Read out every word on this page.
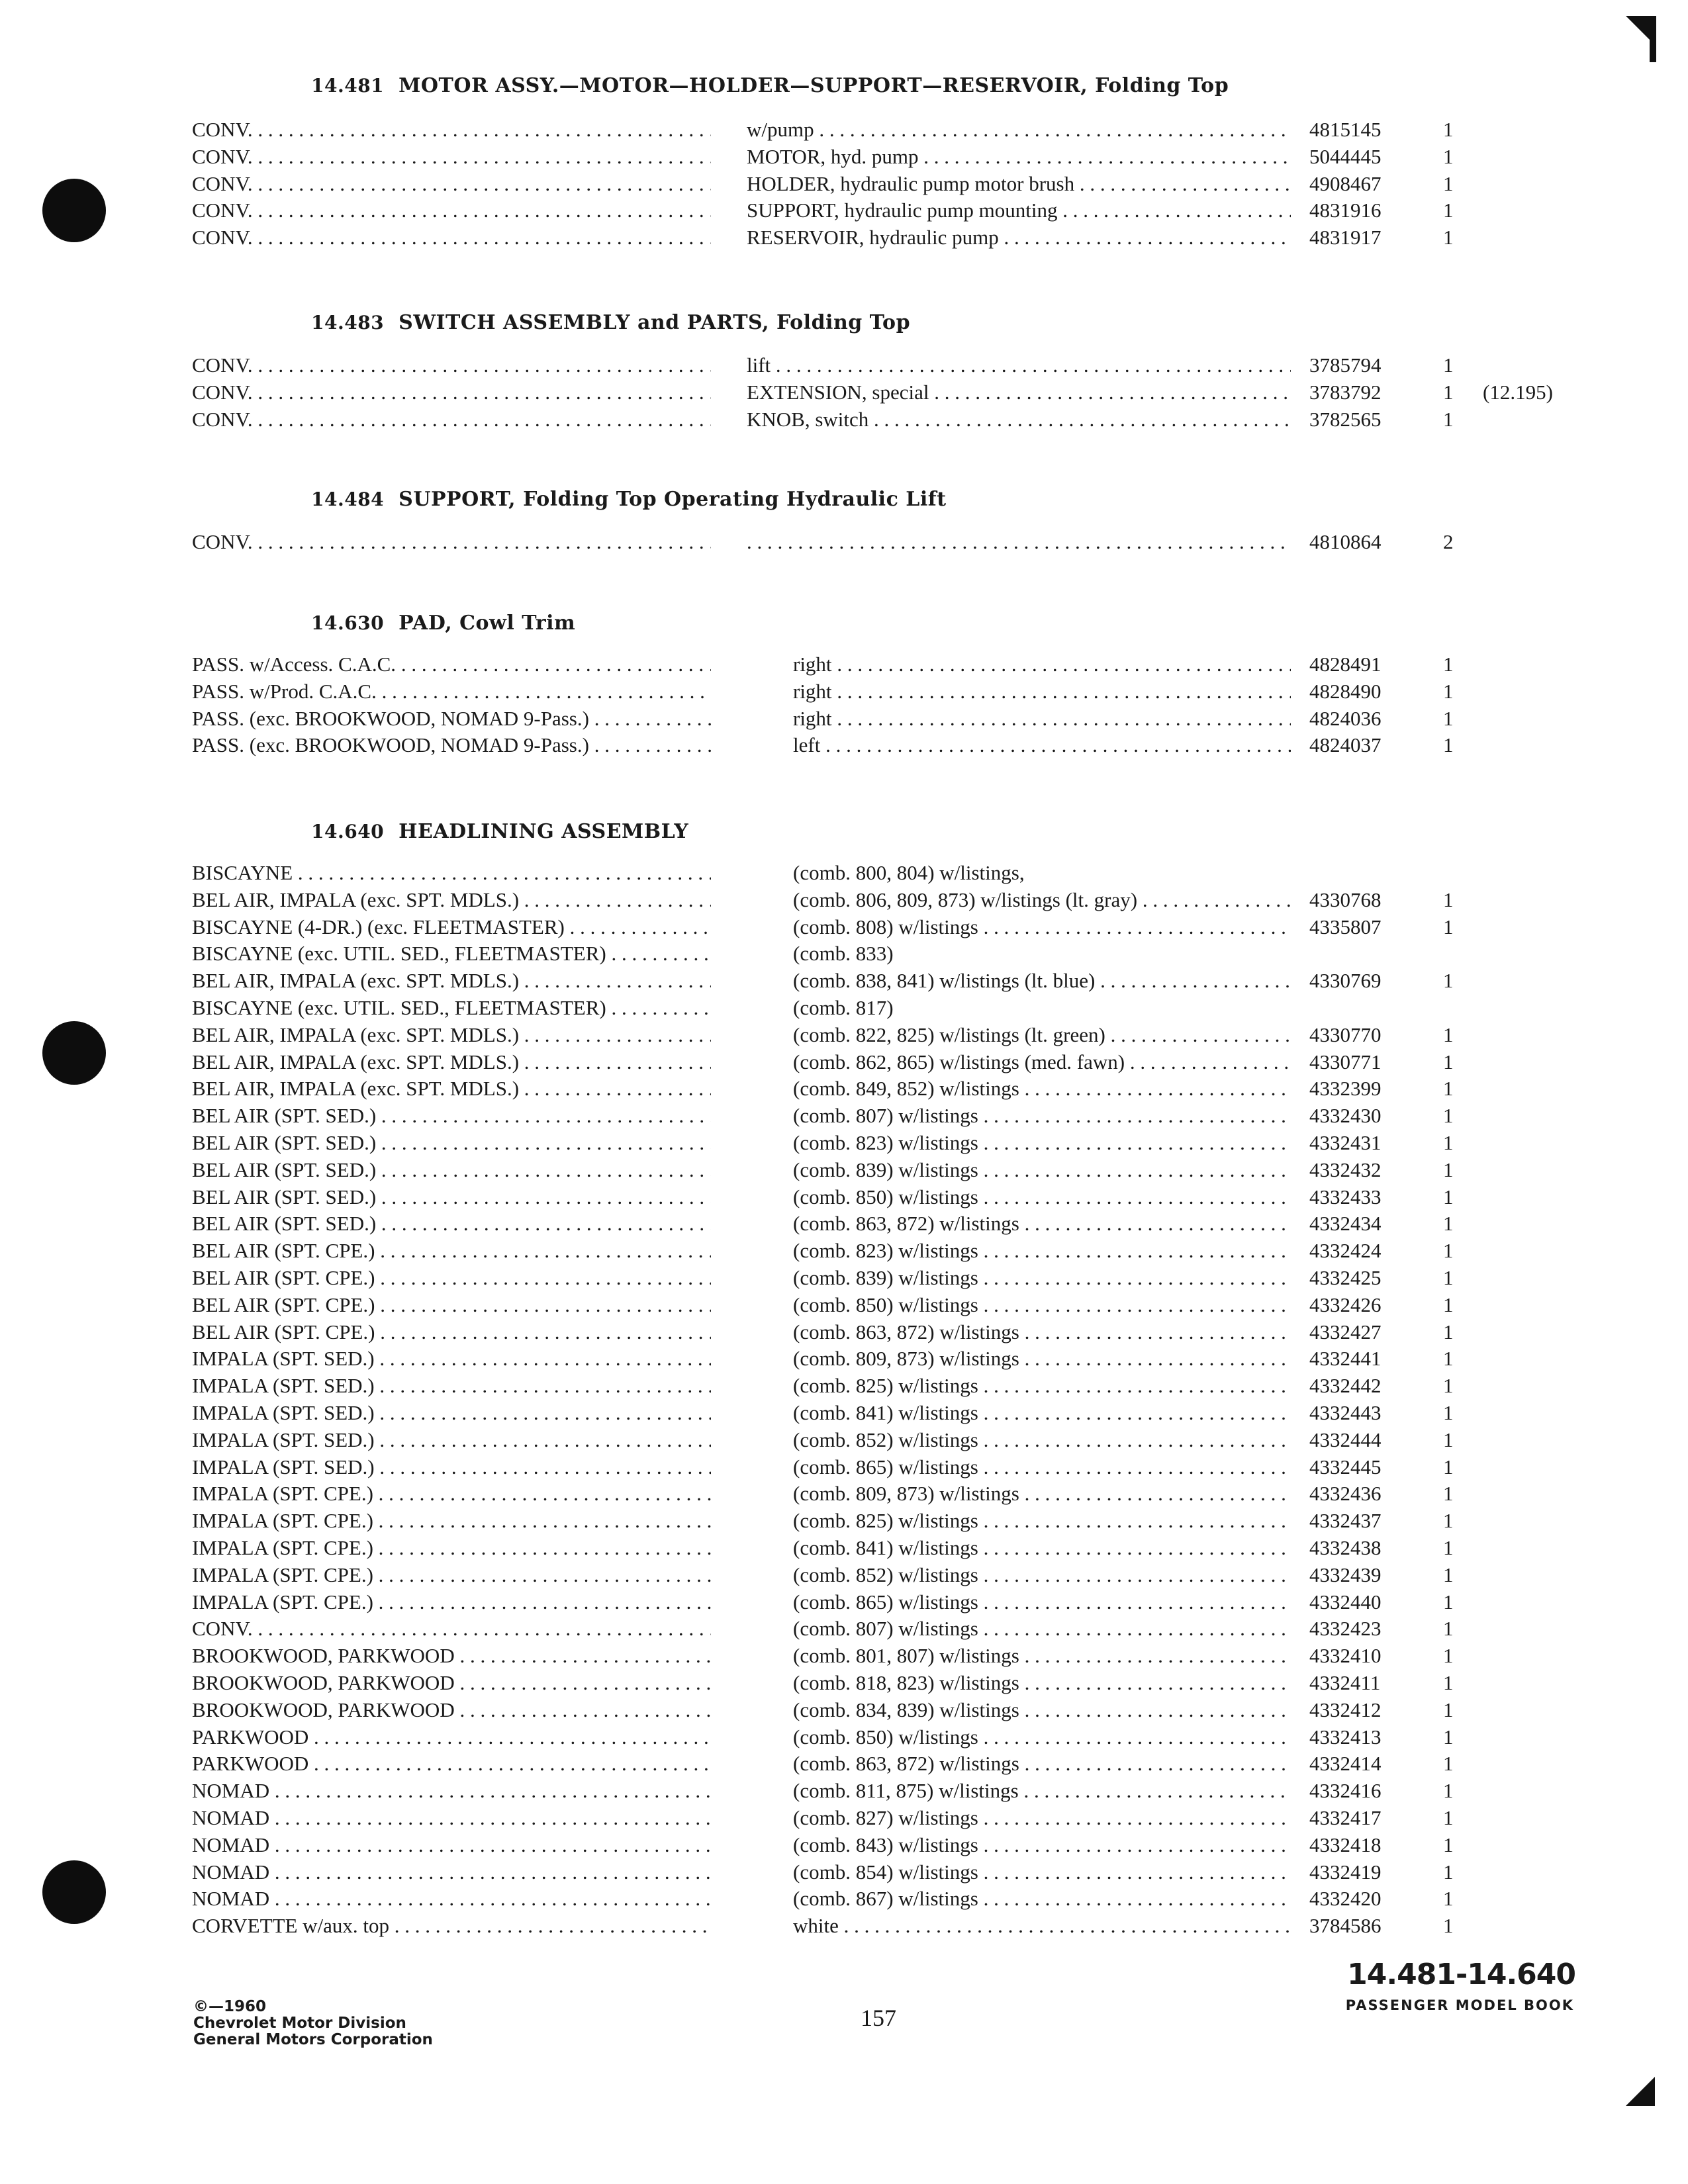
14.481 MOTOR ASSY.—MOTOR—HOLDER—SUPPORT—RESERVOIR, Folding Top
CONV. . . .	w/pump . . .	4815145	1
CONV. . . .	MOTOR, hyd. pump . . .	5044445	1
CONV. . . .	HOLDER, hydraulic pump motor brush . . .	4908467	1
CONV. . . .	SUPPORT, hydraulic pump mounting . . .	4831916	1
CONV. . . .	RESERVOIR, hydraulic pump . . .	4831917	1
14.483 SWITCH ASSEMBLY and PARTS, Folding Top
CONV. . . .	lift . . .	3785794	1
CONV. . . .	EXTENSION, special . . .	3783792	1	(12.195)
CONV. . . .	KNOB, switch . . .	3782565	1
14.484 SUPPORT, Folding Top Operating Hydraulic Lift
CONV. . . .
. . .	4810864	2
14.630 PAD, Cowl Trim
PASS. w/Access. C.A.C. . . .	right . . .	4828491	1
PASS. w/Prod. C.A.C. . . .	right . . .	4828490	1
PASS. (exc. BROOKWOOD, NOMAD 9-Pass.) . . .	right . . .	4824036	1
PASS. (exc. BROOKWOOD, NOMAD 9-Pass.) . . .	left . . .	4824037	1
14.640 HEADLINING ASSEMBLY
BISCAYNE . . .	(comb. 800, 804) w/listings,
BEL AIR, IMPALA (exc. SPT. MDLS.) . . .	(comb. 806, 809, 873) w/listings (lt. gray) . . .	4330768	1
BISCAYNE (4-DR.) (exc. FLEETMASTER) . . .	(comb. 808) w/listings . . .	4335807	1
BISCAYNE (exc. UTIL. SED., FLEETMASTER) . . .	(comb. 833)
BEL AIR, IMPALA (exc. SPT. MDLS.) . . .	(comb. 838, 841) w/listings (lt. blue) . . .	4330769	1
BISCAYNE (exc. UTIL. SED., FLEETMASTER) . . .	(comb. 817)
BEL AIR, IMPALA (exc. SPT. MDLS.) . . .	(comb. 822, 825) w/listings (lt. green) . . .	4330770	1
BEL AIR, IMPALA (exc. SPT. MDLS.) . . .	(comb. 862, 865) w/listings (med. fawn) . . .	4330771	1
BEL AIR, IMPALA (exc. SPT. MDLS.) . . .	(comb. 849, 852) w/listings . . .	4332399	1
BEL AIR (SPT. SED.) . . .	(comb. 807) w/listings . . .	4332430	1
BEL AIR (SPT. SED.) . . .	(comb. 823) w/listings . . .	4332431	1
BEL AIR (SPT. SED.) . . .	(comb. 839) w/listings . . .	4332432	1
BEL AIR (SPT. SED.) . . .	(comb. 850) w/listings . . .	4332433	1
BEL AIR (SPT. SED.) . . .	(comb. 863, 872) w/listings . . .	4332434	1
BEL AIR (SPT. CPE.) . . .	(comb. 823) w/listings . . .	4332424	1
BEL AIR (SPT. CPE.) . . .	(comb. 839) w/listings . . .	4332425	1
BEL AIR (SPT. CPE.) . . .	(comb. 850) w/listings . . .	4332426	1
BEL AIR (SPT. CPE.) . . .	(comb. 863, 872) w/listings . . .	4332427	1
IMPALA (SPT. SED.) . . .	(comb. 809, 873) w/listings . . .	4332441	1
IMPALA (SPT. SED.) . . .	(comb. 825) w/listings . . .	4332442	1
IMPALA (SPT. SED.) . . .	(comb. 841) w/listings . . .	4332443	1
IMPALA (SPT. SED.) . . .	(comb. 852) w/listings . . .	4332444	1
IMPALA (SPT. SED.) . . .	(comb. 865) w/listings . . .	4332445	1
IMPALA (SPT. CPE.) . . .	(comb. 809, 873) w/listings . . .	4332436	1
IMPALA (SPT. CPE.) . . .	(comb. 825) w/listings . . .	4332437	1
IMPALA (SPT. CPE.) . . .	(comb. 841) w/listings . . .	4332438	1
IMPALA (SPT. CPE.) . . .	(comb. 852) w/listings . . .	4332439	1
IMPALA (SPT. CPE.) . . .	(comb. 865) w/listings . . .	4332440	1
CONV. . . .	(comb. 807) w/listings . . .	4332423	1
BROOKWOOD, PARKWOOD . . .	(comb. 801, 807) w/listings . . .	4332410	1
BROOKWOOD, PARKWOOD . . .	(comb. 818, 823) w/listings . . .	4332411	1
BROOKWOOD, PARKWOOD . . .	(comb. 834, 839) w/listings . . .	4332412	1
PARKWOOD . . .	(comb. 850) w/listings . . .	4332413	1
PARKWOOD . . .	(comb. 863, 872) w/listings . . .	4332414	1
NOMAD . . .	(comb. 811, 875) w/listings . . .	4332416	1
NOMAD . . .	(comb. 827) w/listings . . .	4332417	1
NOMAD . . .	(comb. 843) w/listings . . .	4332418	1
NOMAD . . .	(comb. 854) w/listings . . .	4332419	1
NOMAD . . .	(comb. 867) w/listings . . .	4332420	1
CORVETTE w/aux. top . . .	white . . .	3784586	1
©—1960
Chevrolet Motor Division
General Motors Corporation
157
14.481-14.640
PASSENGER MODEL BOOK
